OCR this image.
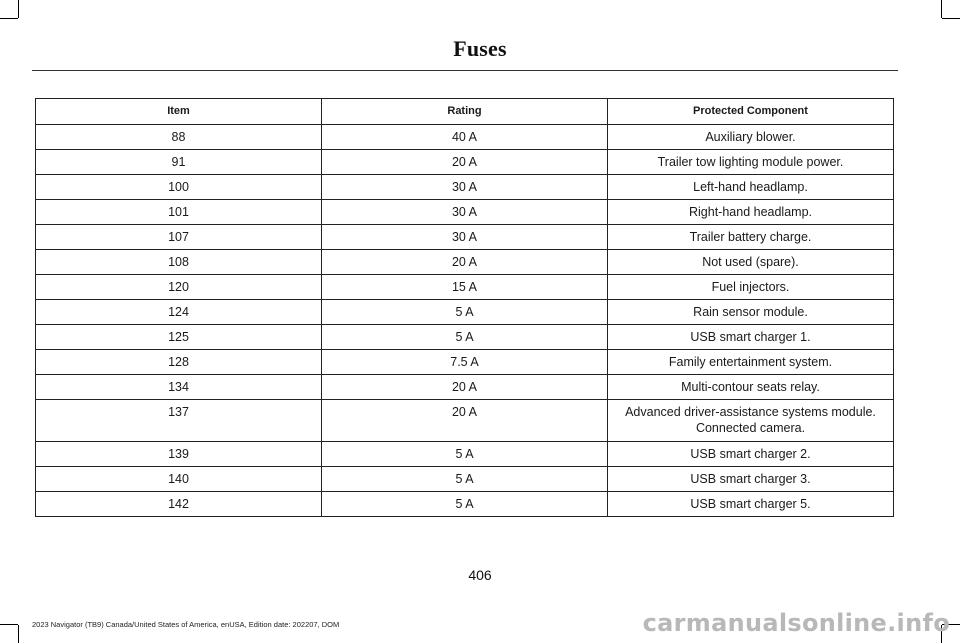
Fuses
Item	Rating	Protected Component
88	40 A	Auxiliary blower.

91	20 A	Trailer tow lighting module power.

100	30 A	Left-hand headlamp.

101	30 A	Right-hand headlamp.

107	30 A	Trailer battery charge.

108	20 A	Not used (spare).

120	15 A	Fuel injectors.

124	5 A	Rain sensor module.

125	5 A	USB smart charger 1.

128	7.5 A	Family entertainment system.

134	20 A	Multi-contour seats relay.

137	20 A	Advanced driver-assistance systems module.
Connected camera.

139	5 A	USB smart charger 2.

140	5 A	USB smart charger 3.

142	5 A	USB smart charger 5.
406
2023 Navigator (TB9) Canada/United States of America, enUSA, Edition date: 202207, DOM	carmanualsonline.info
